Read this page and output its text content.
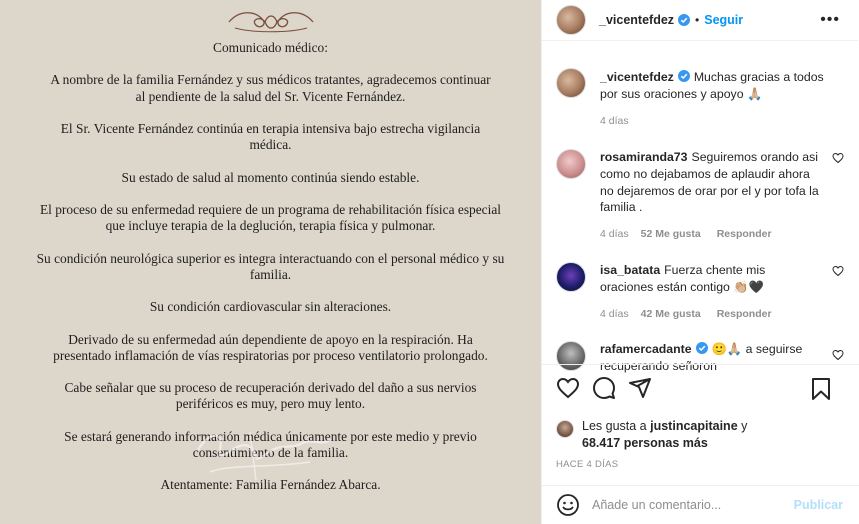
Comunicado médico:

A nombre de la familia Fernández y sus médicos tratantes, agradecemos continuar al pendiente de la salud del Sr. Vicente Fernández.

El Sr. Vicente Fernández continúa en terapia intensiva bajo estrecha vigilancia médica.

Su estado de salud al momento continúa siendo estable.

El proceso de su enfermedad requiere de un programa de rehabilitación física especial que incluye terapia de la deglución, terapia física y pulmonar.

Su condición neurológica superior es integra interactuando con el personal médico y su familia.

Su condición cardiovascular sin alteraciones.

Derivado de su enfermedad aún dependiente de apoyo en la respiración. Ha presentado inflamación de vías respiratorias por proceso ventilatorio prolongado.

Cabe señalar que su proceso de recuperación derivado del daño a sus nervios periféricos es muy, pero muy lento.

Se estará generando información médica únicamente por este medio y previo consentimiento de la familia.

Atentamente: Familia Fernández Abarca.

_vicentefdez • Seguir	•••
_vicentefdez Muchas gracias a todos por sus oraciones y apoyo 🙏🏼
4 días
rosamiranda73 Seguiremos orando asi como no dejabamos de aplaudir ahora no dejaremos de orar por el y por tofa la familia .
4 días 52 Me gusta Responder
isa_batata Fuerza chente mis oraciones están contigo 👏🏼🖤
4 días 42 Me gusta Responder
rafamercadante 🙂🙏🏼 a seguirse recuperando señoron
Les gusta a justincapitaine y
68.417 personas más
HACE 4 DÍAS
Añade un comentario...
Publicar
